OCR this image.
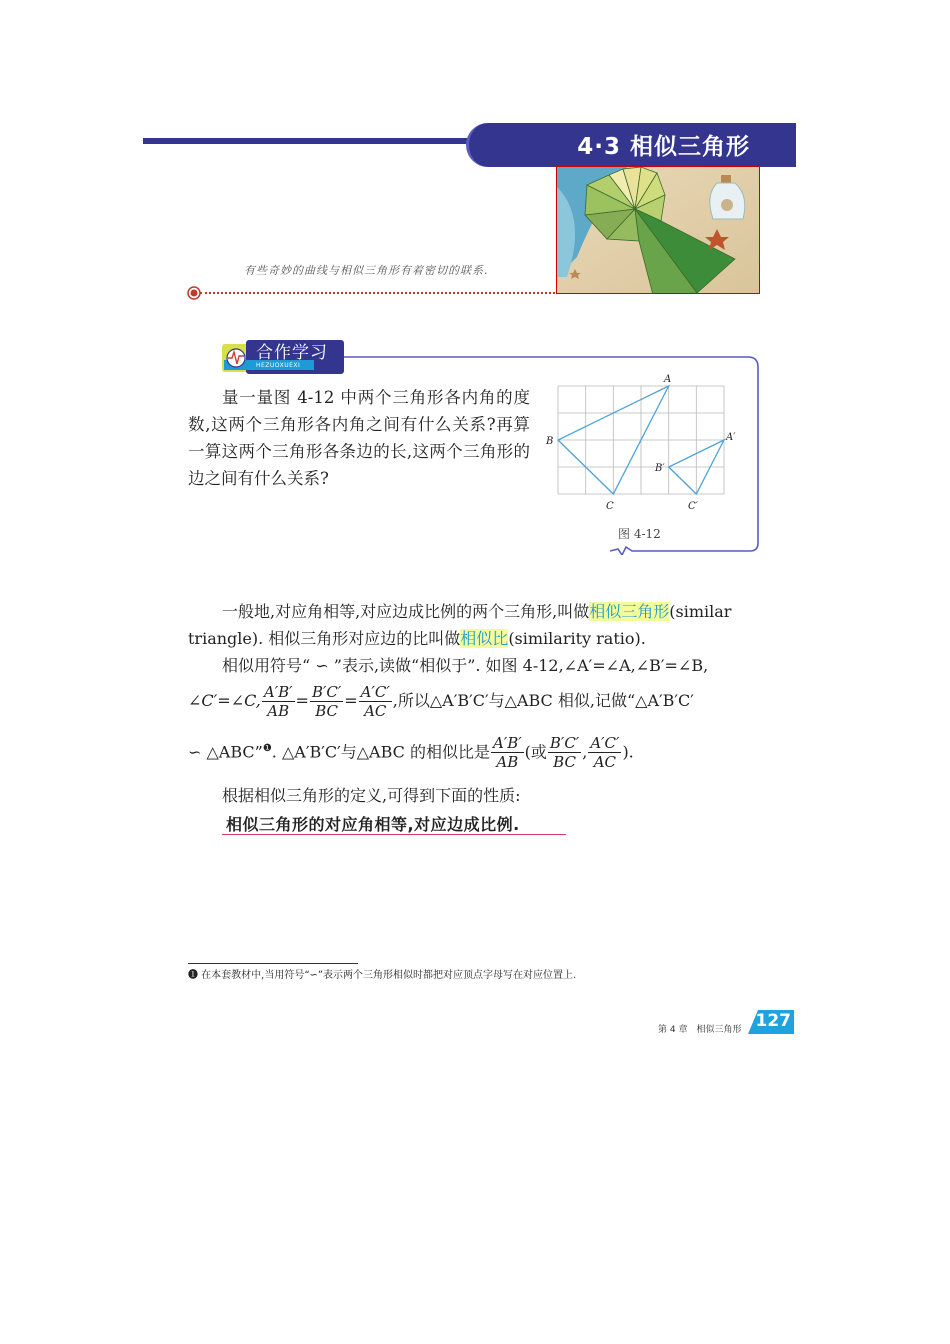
4·3 相似三角形
有些奇妙的曲线与相似三角形有着密切的联系.
合作学习
HEZUOXUEXI
量一量图 4-12 中两个三角形各内角的度数,这两个三角形各内角之间有什么关系?再算一算这两个三角形各条边的长,这两个三角形的边之间有什么关系?
A
B
C
A′
B′
C′
图 4-12
一般地,对应角相等,对应边成比例的两个三角形,叫做相似三角形(similar triangle). 相似三角形对应边的比叫做相似比(similarity ratio).
相似用符号“ ∽ ”表示,读做“相似于”. 如图 4-12,∠A′=∠A,∠B′=∠B,
∠C′=∠C, $\frac{A'B'}{AB} = \frac{B'C'}{BC} = \frac{A'C'}{AC}$ ,所以△A′B′C′与△ABC 相似,记做“△A′B′C′
∽ △ABC”$^❶$. △A′B′C′与△ABC 的相似比是 $\frac{A'B'}{AB}$ (或 $\frac{B'C'}{BC}$ , $\frac{A'C'}{AC}$ ).
根据相似三角形的定义,可得到下面的性质:
相似三角形的对应角相等,对应边成比例.
❶ 在本套教材中,当用符号“∽”表示两个三角形相似时都把对应顶点字母写在对应位置上.
第 4 章　相似三角形 127
